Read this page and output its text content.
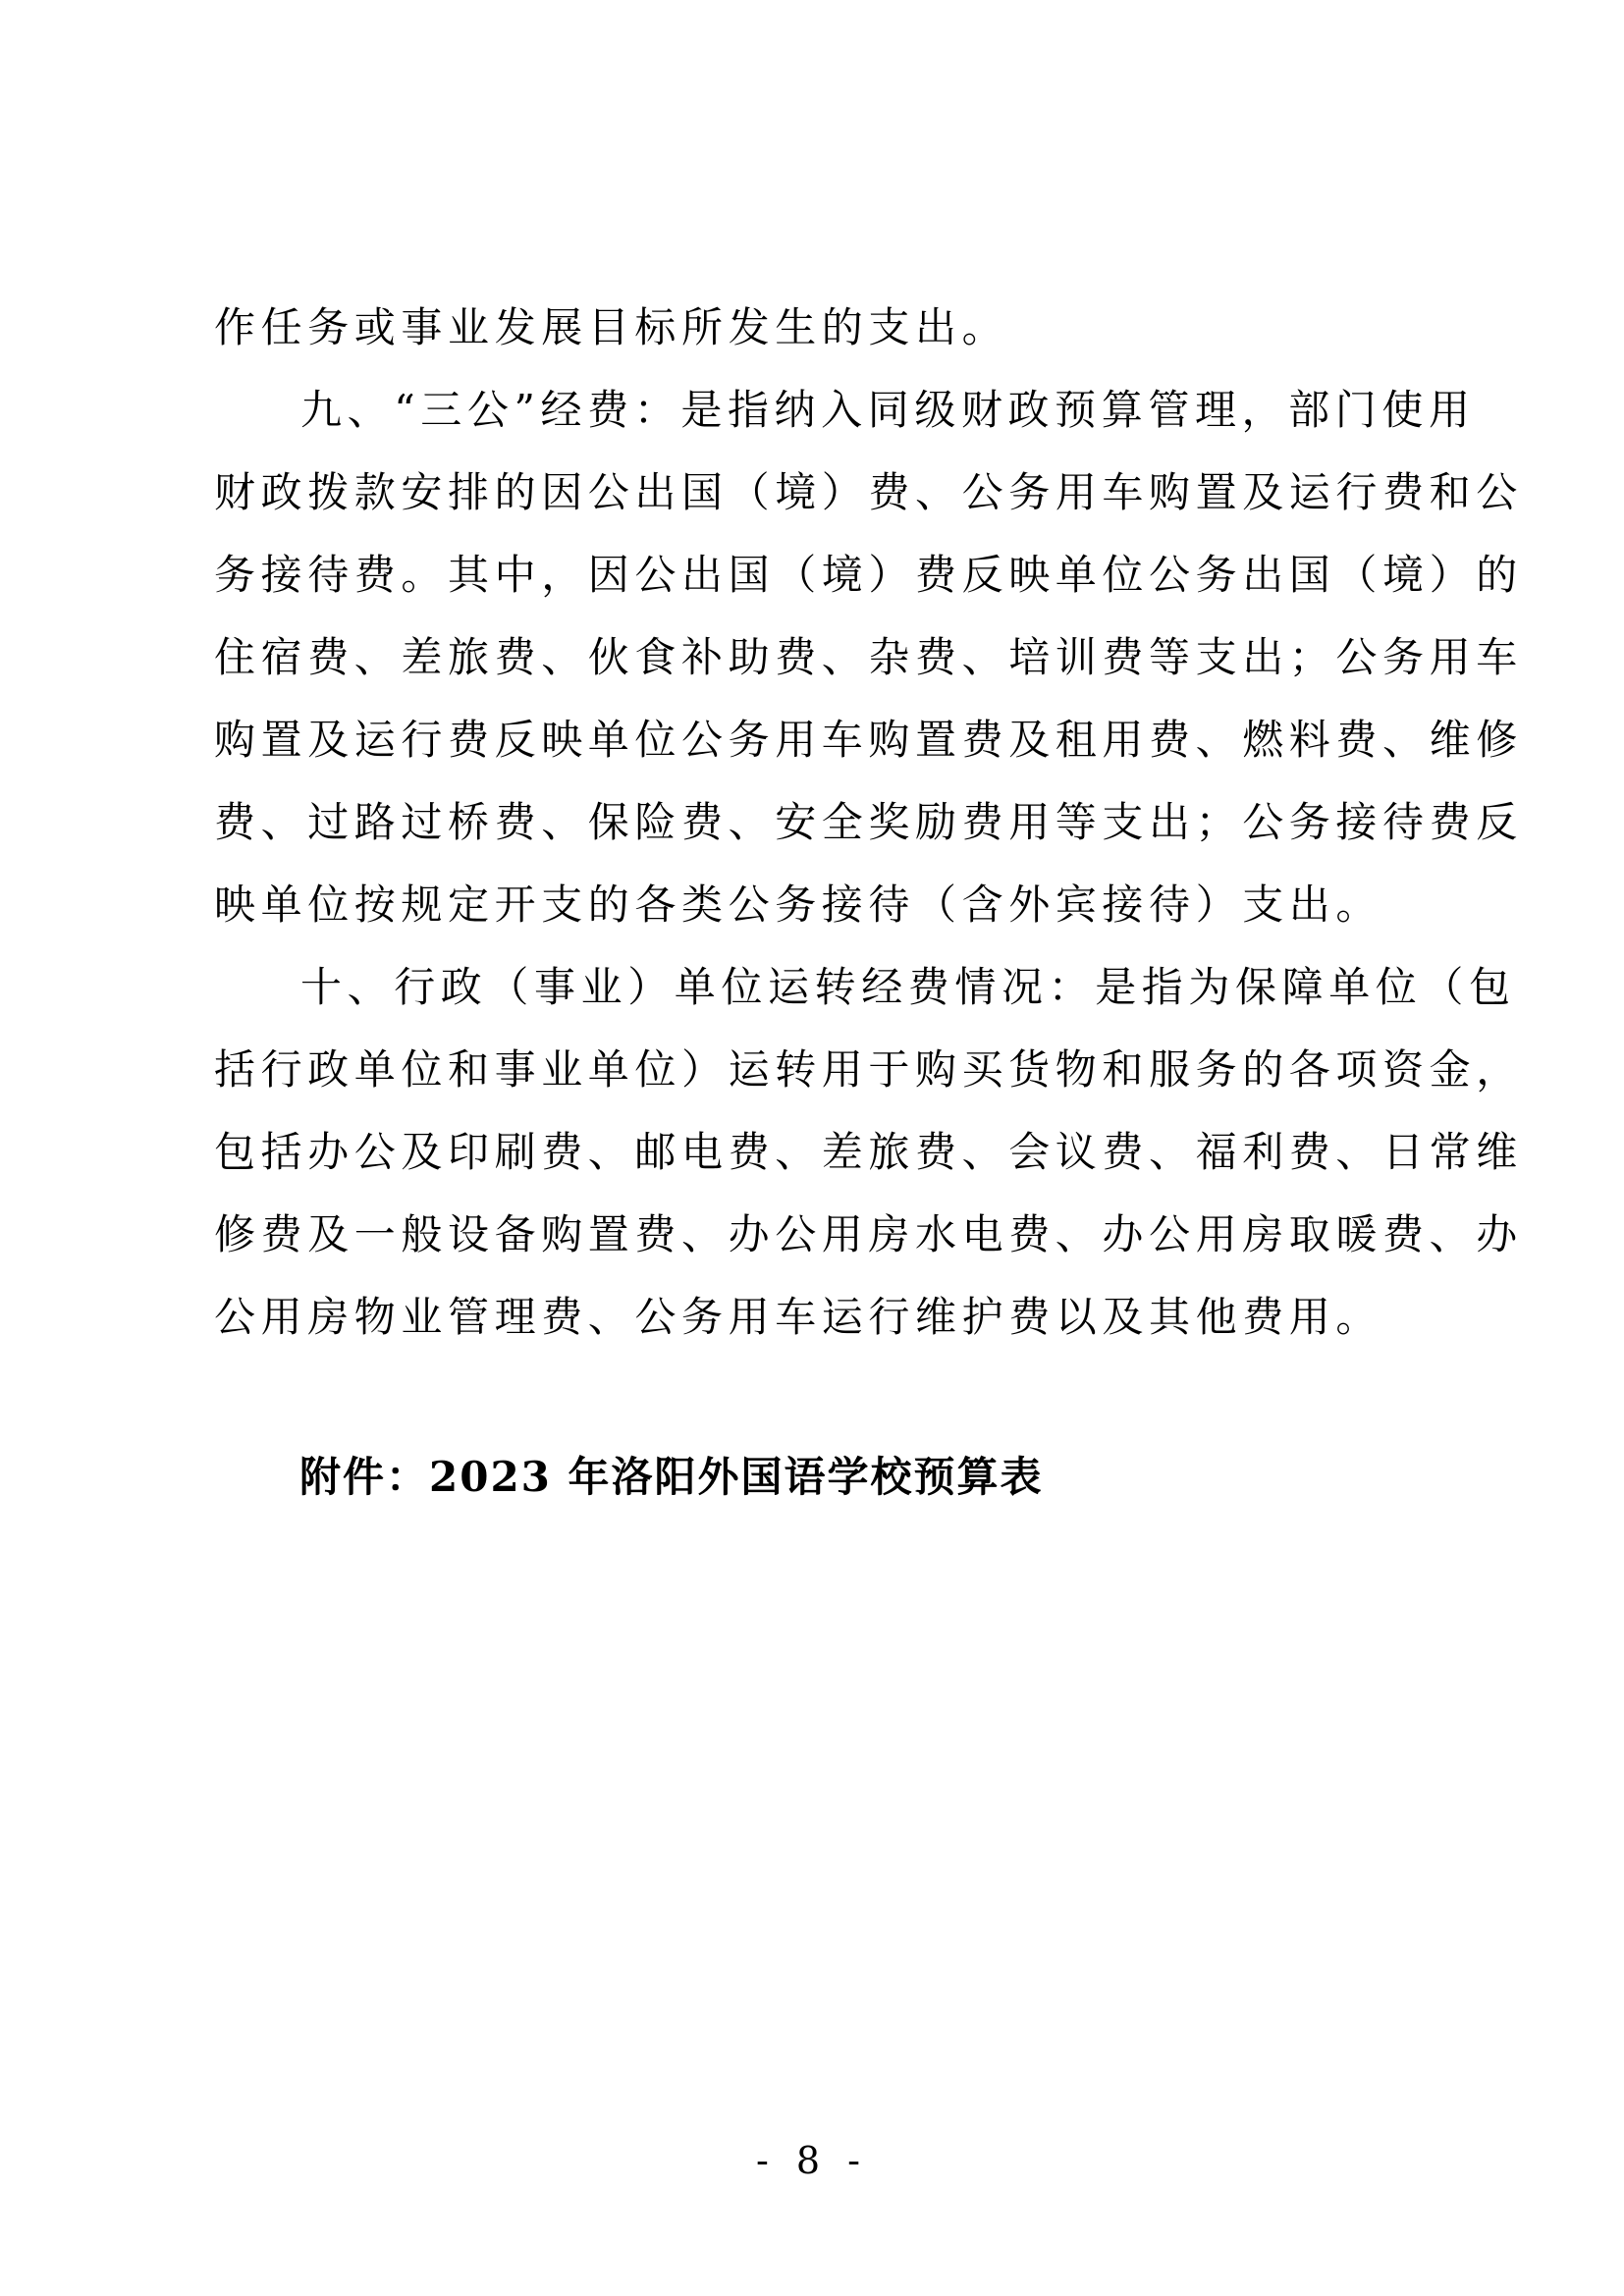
作任务或事业发展目标所发生的支出。
九、“三公”经费：是指纳入同级财政预算管理，部门使用
财政拨款安排的因公出国（境）费、公务用车购置及运行费和公
务接待费。其中，因公出国（境）费反映单位公务出国（境）的
住宿费、差旅费、伙食补助费、杂费、培训费等支出；公务用车
购置及运行费反映单位公务用车购置费及租用费、燃料费、维修
费、过路过桥费、保险费、安全奖励费用等支出；公务接待费反
映单位按规定开支的各类公务接待（含外宾接待）支出。
十、行政（事业）单位运转经费情况：是指为保障单位（包
括行政单位和事业单位）运转用于购买货物和服务的各项资金，
包括办公及印刷费、邮电费、差旅费、会议费、福利费、日常维
修费及一般设备购置费、办公用房水电费、办公用房取暖费、办
公用房物业管理费、公务用车运行维护费以及其他费用。
附件：2023 年洛阳外国语学校预算表
- 8 -
